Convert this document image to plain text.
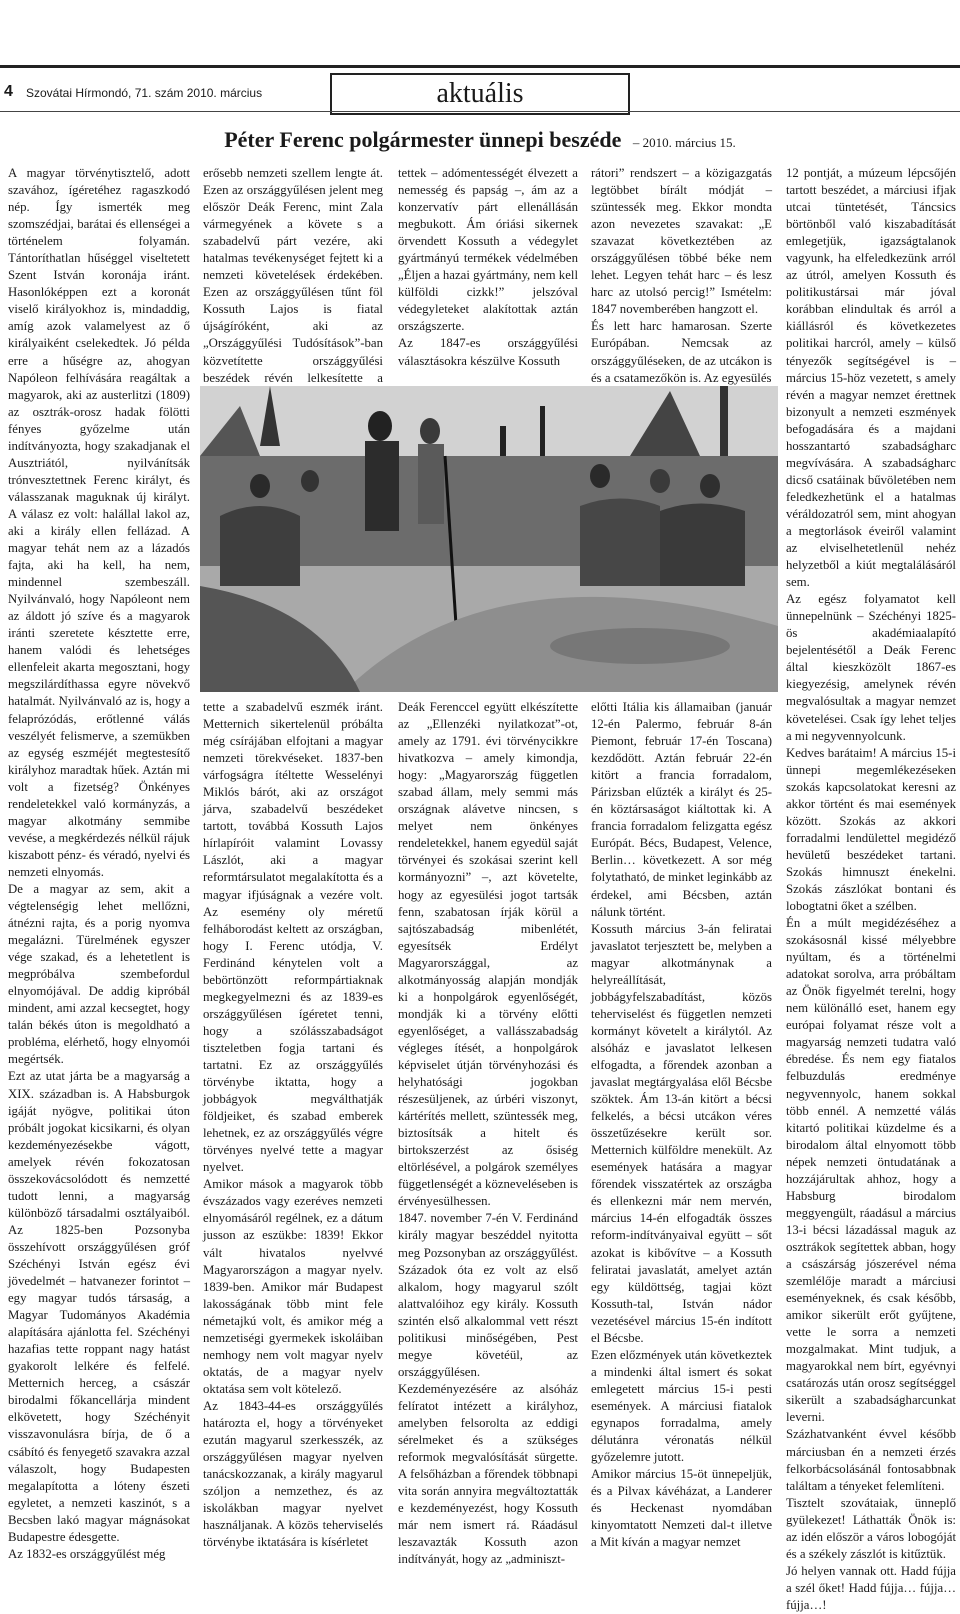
4 Szovátai Hírmondó, 71. szám 2010. március	aktuális
Péter Ferenc polgármester ünnepi beszéde – 2010. március 15.
A magyar törvénytisztelő, adott szavához, ígéretéhez ragaszkodó nép. Így ismerték meg szomszédjai, barátai és ellenségei a történelem folyamán. Tántoríthatlan hűséggel viseltetett Szent István koronája iránt. Hasonlóképpen ezt a koronát viselő királyokhoz is, mindaddig, amíg azok valamelyest az ő királyaiként cselekedtek. Jó példa erre a hűségre az, ahogyan Napóleon felhívására reagáltak a magyarok, aki az austerlitzi (1809) az osztrák-orosz hadak fölötti fényes győzelme után indítványozta, hogy szakadjanak el Ausztriától, nyilvánítsák trónvesztettnek Ferenc királyt, és válasszanak maguknak új királyt. A válasz ez volt: halállal lakol az, aki a király ellen fellázad. A magyar tehát nem az a lázadós fajta, aki ha kell, ha nem, mindennel szembeszáll. Nyilvánvaló, hogy Napóleont nem az áldott jó szíve és a magyarok iránti szeretete késztette erre, hanem valódi és lehetséges ellenfeleit akarta megosztani, hogy megszilárdíthassa egyre növekvő hatalmát. Nyilvánvaló az is, hogy a felaprózódás, erőtlenné válás veszélyét felismerve, a szemükben az egység eszméjét megtestesítő királyhoz maradtak hűek. Aztán mi volt a fizetség? Önkényes rendeletekkel való kormányzás, a magyar alkotmány semmibe vevése, a megkérdezés nélkül rájuk kiszabott pénz- és véradó, nyelvi és nemzeti elnyomás.
De a magyar az sem, akit a végtelenségig lehet mellőzni, átnézni rajta, és a porig nyomva megalázni. Türelmének egyszer vége szakad, és a lehetetlent is megpróbálva szembefordul elnyomójával. De addig kipróbál mindent, ami azzal kecsegtet, hogy talán békés úton is megoldható a probléma, elérhető, hogy elnyomói megértsék.
Ezt az utat járta be a magyarság a XIX. században is. A Habsburgok igáját nyögve, politikai úton próbált jogokat kicsikarni, és olyan kezdeményezésekbe vágott, amelyek révén fokozatosan összekovácsolódott és nemzetté tudott lenni, a magyarság különböző társadalmi osztályaiból. Az 1825-ben Pozsonyba összehívott országgyűlésen gróf Széchényi István egész évi jövedelmét – hatvanezer forintot – egy magyar tudós társaság, a Magyar Tudományos Akadémia alapítására ajánlotta fel. Széchényi hazafias tette roppant nagy hatást gyakorolt lelkére és felfelé. Metternich herceg, a császár birodalmi főkancellárja mindent elkövetett, hogy Széchényit visszavonulásra bírja, de ő a csábító és fenyegető szavakra azzal válaszolt, hogy Budapesten megalapította a lóteny észeti egyletet, a nemzeti kaszinót, s a Becsben lakó magyar mágnásokat Budapestre édesgette.
Az 1832-es országgyűlést még
erősebb nemzeti szellem lengte át. Ezen az országgyűlésen jelent meg először Deák Ferenc, mint Zala vármegyének a követe s a szabadelvű párt vezére, aki hatalmas tevékenységet fejtett ki a nemzeti követelések érdekében. Ezen az országgyűlésen tűnt föl Kossuth Lajos is fiatal újságíróként, aki az „Országgyűlési Tudósítások”-ban közvetítette országgyűlési beszédek révén lelkesítette a
tettek – adómentességét élvezett a nemesség és papság –, ám az a konzervatív párt ellenállásán megbukott. Ám óriási sikernek örvendett Kossuth a védegylet gyártmányú termékek védelmében „Éljen a hazai gyártmány, nem kell külföldi cizkk!” jelszóval védegyleteket alakítottak aztán országszerte.
Az 1847-es országgyűlési választásokra készülve Kossuth
rátori” rendszert – a közigazgatás legtöbbet bírált módját – szüntessék meg. Ekkor mondta azon nevezetes szavakat: „E szavazat következtében az országgyűlésen többé béke nem lehet. Legyen tehát harc – és lesz harc az utolsó percig!” Ismételm: 1847 novemberében hangzott el.
És lett harc hamarosan. Szerte Európában. Nemcsak az országgyűléseken, de az utcákon is és a csatamezőkön is. Az egyesülés
tette a szabadelvű eszmék iránt. Metternich sikertelenül próbálta még csírájában elfojtani a magyar nemzeti törekvéseket. 1837-ben várfogságra ítéltette Wesselényi Miklós bárót, aki az országot járva, szabadelvű beszédeket tartott, továbbá Kossuth Lajos hírlapíróit valamint Lovassy Lászlót, aki a magyar reformtársulatot megalakította és a magyar ifjúságnak a vezére volt. Az esemény oly méretű felháborodást keltett az országban, hogy I. Ferenc utódja, V. Ferdinánd kénytelen volt a bebörtönzött reformpártiaknak megkegyelmezni és az 1839-es országgyűlésen ígéretet tenni, hogy a szólásszabadságot tiszteletben fogja tartani és tartatni. Ez az országgyűlés törvénybe iktatta, hogy a jobbágyok megválthatják földjeiket, és szabad emberek lehetnek, ez az országgyűlés végre törvényes nyelvé tette a magyar nyelvet.
Amikor mások a magyarok több évszázados vagy ezeréves nemzeti elnyomásáról regélnek, ez a dátum jusson az eszükbe: 1839! Ekkor vált hivatalos nyelvvé Magyarországon a magyar nyelv. 1839-ben. Amikor már Budapest lakosságának több mint fele németajkú volt, és amikor még a nemzetiségi gyermekek iskoláiban nemhogy nem volt magyar nyelv oktatás, de a magyar nyelv oktatása sem volt kötelező.
Az 1843-44-es országgyűlés határozta el, hogy a törvényeket ezután magyarul szerkesszék, az országgyűlésen magyar nyelven tanácskozzanak, a király magyarul szóljon a nemzethez, és az iskolákban magyar nyelvet használjanak. A közös teherviselés törvénybe iktatására is kísérletet
Deák Ferenccel együtt elkészítette az „Ellenzéki nyilatkozat”-ot, amely az 1791. évi törvénycikkre hivatkozva – amely kimondja, hogy: „Magyarország független szabad állam, mely semmi más országnak alávetve nincsen, s melyet nem önkényes rendeletekkel, hanem egyedül saját törvényei és szokásai szerint kell kormányozni” –, azt követelte, hogy az egyesülési jogot tartsák fenn, szabatosan írják körül a sajtószabadság mibenlétét, egyesítsék Erdélyt Magyarországgal, az alkotmányosság alapján mondják ki a honpolgárok egyenlőségét, mondják ki a törvény előtti egyenlőséget, a vallásszabadság végleges ítését, a honpolgárok képviselet útján törvényhozási és helyhatósági jogokban részesüljenek, az úrbéri viszonyt, kártérítés mellett, szüntessék meg, biztosítsák a hitelt és birtokszerzést az ősiség eltörlésével, a polgárok személyes függetlenségét a közneveléseben is érvényesülhessen.
1847. november 7-én V. Ferdinánd király magyar beszéddel nyitotta meg Pozsonyban az országgyűlést. Századok óta ez volt az első alkalom, hogy magyarul szólt alattvalóihoz egy király. Kossuth szintén első alkalommal vett részt politikusi minőségében, Pest megye követéül, az országgyűlésen. Kezdeményezésére az alsóház felíratot intézett a királyhoz, amelyben felsorolta az eddigi sérelmeket és a szükséges reformok megvalósítását sürgette. A felsőházban a főrendek többnapi vita során annyira megváltoztatták e kezdeményezést, hogy Kossuth már nem ismert rá. Ráadásul leszavazták Kossuth azon indítványát, hogy az „adminiszt-
előtti Itália kis államaiban (január 12-én Palermo, február 8-án Piemont, február 17-én Toscana) kezdődött. Aztán február 22-én kitört a francia forradalom, Párizsban elűzték a királyt és 25-én köztársaságot kiáltottak ki. A francia forradalom felizgatta egész Európát. Bécs, Budapest, Velence, Berlin… következett. A sor még folytatható, de minket leginkább az érdekel, ami Bécsben, aztán nálunk történt.
Kossuth március 3-án feliratai javaslatot terjesztett be, melyben a magyar alkotmánynak a helyreállítását, jobbágyfelszabadítást, közös teherviselést és független nemzeti kormányt követelt a királytól. Az alsóház e javaslatot lelkesen elfogadta, a főrendek azonban a javaslat megtárgyalása elől Bécsbe szöktek. Ám 13-án kitört a bécsi felkelés, a bécsi utcákon véres összetűzésekre került sor. Metternich külföldre menekült. Az események hatására a magyar főrendek visszatértek az országba és ellenkezni már nem mervén, március 14-én elfogadták összes reform-indítványaival együtt – sőt azokat is kibővítve – a Kossuth feliratai javaslatát, amelyet aztán egy küldöttség, tagjai közt Kossuth-tal, István nádor vezetésével március 15-én indított el Bécsbe.
Ezen előzmények után következtek a mindenki által ismert és sokat emlegetett március 15-i pesti események. A márciusi fiatalok egynapos forradalma, amely délutánra véronatás nélkül győzelemre jutott.
Amikor március 15-öt ünnepeljük, és a Pilvax kávéházat, a Landerer és Heckenast nyomdában kinyomtatott Nemzeti dal-t illetve a Mit kíván a magyar nemzet
12 pontját, a múzeum lépcsőjén tartott beszédet, a márciusi ifjak utcai tüntetését, Táncsics börtönből való kiszabadítását emlegetjük, igazságtalanok vagyunk, ha elfeledkezünk arról az útról, amelyen Kossuth és politikustársai már jóval korábban elindultak és arról a kiállásról és következetes politikai harcról, amely – külső tényezők segítségével is – március 15-höz vezetett, s amely révén a magyar nemzet érettnek bizonyult a nemzeti eszmények befogadására és a majdani hosszantartó szabadságharc megvívására. A szabadságharc dicső csatáinak bűvöletében nem feledkezhetünk el a hatalmas véráldozatról sem, mint ahogyan a megtorlások éveiről valamint az elviselhetetlenül nehéz helyzetből a kiút megtalálásáról sem.
Az egész folyamatot kell ünnepelnünk – Széchényi 1825-ös akadémiaalapító bejelentésétől a Deák Ferenc által kieszközölt 1867-es kiegyezésig, amelynek révén megvalósultak a magyar nemzet követelései. Csak így lehet teljes a mi negyvennyolcunk.
Kedves barátaim! A március 15-i ünnepi megemlékezéseken szokás kapcsolatokat keresni az akkor történt és mai események között. Szokás az akkori forradalmi lendülettel megidéző hevületű beszédeket tartani. Szokás himnuszt énekelni. Szokás zászlókat bontani és lobogtatni őket a szélben.
Én a múlt megidézéséhez a szokásosnál kissé mélyebbre nyúltam, és a történelmi adatokat sorolva, arra próbáltam az Önök figyelmét terelni, hogy nem különálló eset, hanem egy európai folyamat része volt a magyarság nemzeti tudatra való ébredése. És nem egy fiatalos felbuzdulás eredménye negyvennyolc, hanem sokkal több ennél. A nemzetté válás kitartó politikai küzdelme és a birodalom által elnyomott több népek nemzeti öntudatának a hozzájárultak ahhoz, hogy a Habsburg birodalom meggyengült, ráadásul a március 13-i bécsi lázadással maguk az osztrákok segítettek abban, hogy a császárság jószerével néma szemlélője maradt a márciusi eseményeknek, és csak később, amikor sikerült erőt gyűjtene, vette le sorra a nemzeti mozgalmakat. Mint tudjuk, a magyarokkal nem bírt, egyévnyi csatározás után orosz segítséggel sikerült a szabadságharcunkat leverni.
Százhatvanként évvel később márciusban én a nemzeti érzés felkorbácsolásánál fontosabbnak találtam a tényeket felemlíteni.
Tisztelt szovátaiak, ünneplő gyülekezet! Láthatták Önök is: az idén először a város lobogóját és a székely zászlót is kitűztük.
Jó helyen vannak ott. Hadd fújja a szél őket! Hadd fújja… fújja… fújja…!
